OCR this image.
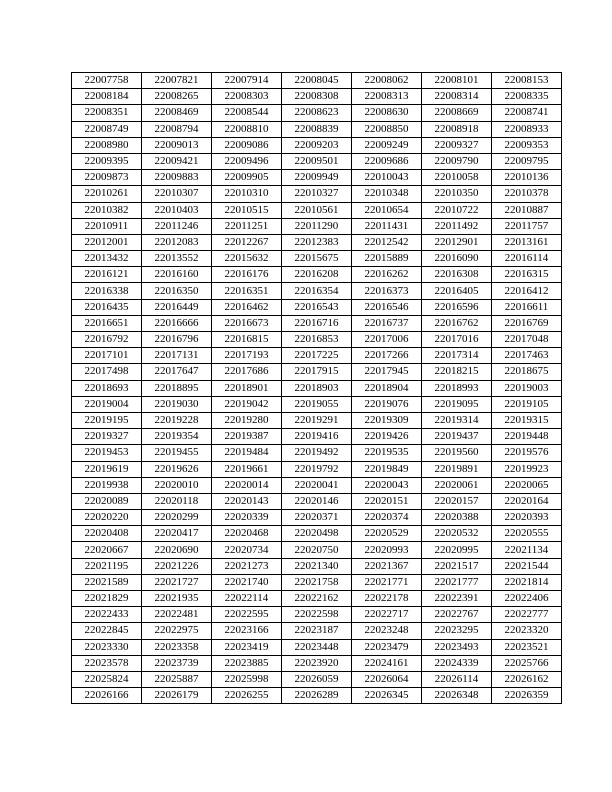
22007758	22007821	22007914	22008045	22008062	22008101	22008153
22008184	22008265	22008303	22008308	22008313	22008314	22008335
22008351	22008469	22008544	22008623	22008630	22008669	22008741
22008749	22008794	22008810	22008839	22008850	22008918	22008933
22008980	22009013	22009086	22009203	22009249	22009327	22009353
22009395	22009421	22009496	22009501	22009686	22009790	22009795
22009873	22009883	22009905	22009949	22010043	22010058	22010136
22010261	22010307	22010310	22010327	22010348	22010350	22010378
22010382	22010403	22010515	22010561	22010654	22010722	22010887
22010911	22011246	22011251	22011290	22011431	22011492	22011757
22012001	22012083	22012267	22012383	22012542	22012901	22013161
22013432	22013552	22015632	22015675	22015889	22016090	22016114
22016121	22016160	22016176	22016208	22016262	22016308	22016315
22016338	22016350	22016351	22016354	22016373	22016405	22016412
22016435	22016449	22016462	22016543	22016546	22016596	22016611
22016651	22016666	22016673	22016716	22016737	22016762	22016769
22016792	22016796	22016815	22016853	22017006	22017016	22017048
22017101	22017131	22017193	22017225	22017266	22017314	22017463
22017498	22017647	22017686	22017915	22017945	22018215	22018675
22018693	22018895	22018901	22018903	22018904	22018993	22019003
22019004	22019030	22019042	22019055	22019076	22019095	22019105
22019195	22019228	22019280	22019291	22019309	22019314	22019315
22019327	22019354	22019387	22019416	22019426	22019437	22019448
22019453	22019455	22019484	22019492	22019535	22019560	22019576
22019619	22019626	22019661	22019792	22019849	22019891	22019923
22019938	22020010	22020014	22020041	22020043	22020061	22020065
22020089	22020118	22020143	22020146	22020151	22020157	22020164
22020220	22020299	22020339	22020371	22020374	22020388	22020393
22020408	22020417	22020468	22020498	22020529	22020532	22020555
22020667	22020690	22020734	22020750	22020993	22020995	22021134
22021195	22021226	22021273	22021340	22021367	22021517	22021544
22021589	22021727	22021740	22021758	22021771	22021777	22021814
22021829	22021935	22022114	22022162	22022178	22022391	22022406
22022433	22022481	22022595	22022598	22022717	22022767	22022777
22022845	22022975	22023166	22023187	22023248	22023295	22023320
22023330	22023358	22023419	22023448	22023479	22023493	22023521
22023578	22023739	22023885	22023920	22024161	22024339	22025766
22025824	22025887	22025998	22026059	22026064	22026114	22026162
22026166	22026179	22026255	22026289	22026345	22026348	22026359
